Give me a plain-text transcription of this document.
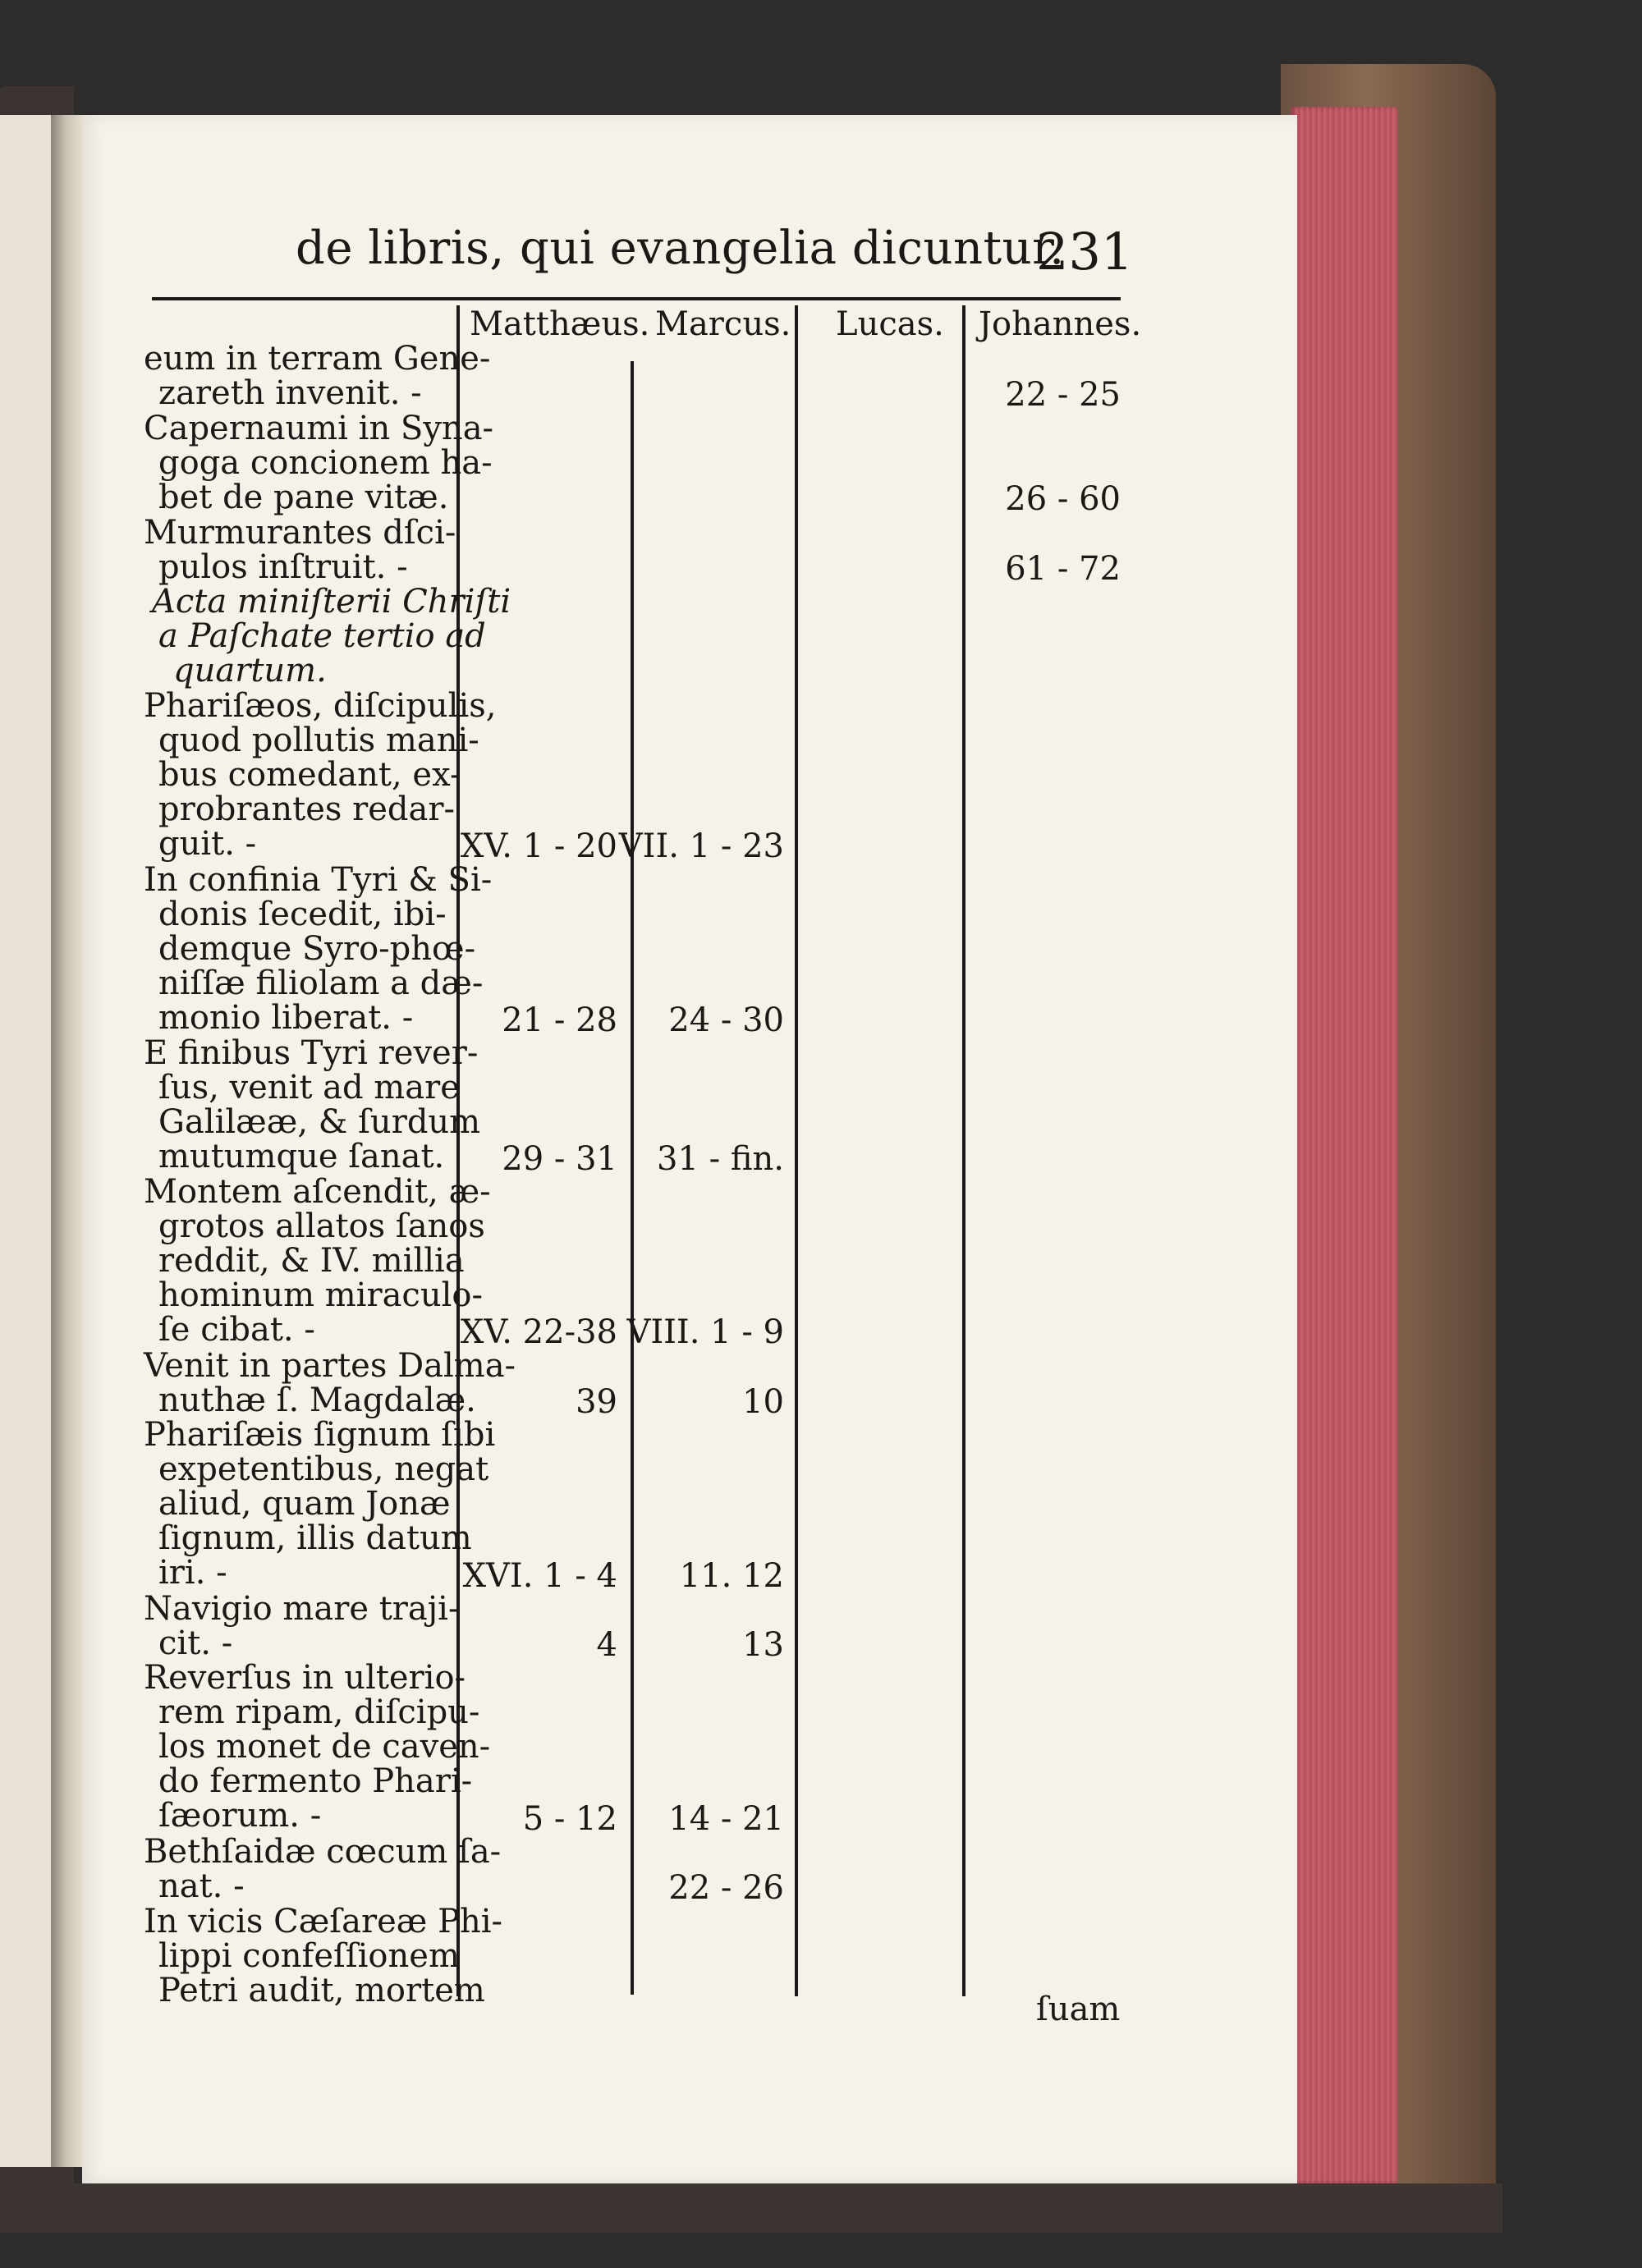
de libris, qui evangelia dicuntur.
231
Matthæus. Marcus. Lucas. Johannes.
eum in terram Gene-
zareth invenit. -
Capernaumi in Syna-
goga concionem ha-
bet de pane vitæ.
Murmurantes dſci-
pulos inſtruit. -
Acta miniſterii Chriſti
a Paſchate tertio ad
quartum.
Phariſæos, diſcipulis,
quod pollutis mani-
bus comedant, ex-
probrantes redar-
guit. -
In confinia Tyri & Si-
donis ſecedit, ibi-
demque Syro-phœ-
niſſæ filiolam a dæ-
monio liberat. -
E finibus Tyri rever-
ſus, venit ad mare
Galilææ, & ſurdum
mutumque ſanat.
Montem aſcendit, æ-
grotos allatos ſanos
reddit, & IV. millia
hominum miraculo-
ſe cibat. -
Venit in partes Dalma-
nuthæ ſ. Magdalæ.
Phariſæis ſignum ſibi
expetentibus, negat
aliud, quam Jonæ
ſignum, illis datum
iri. -
Navigio mare traji-
cit. -
Reverſus in ulterio-
rem ripam, diſcipu-
los monet de caven-
do fermento Phari-
ſæorum. -
Bethſaidæ cœcum ſa-
nat. -
In vicis Cæſareæ Phi-
lippi confeſſionem
Petri audit, mortem
22 - 25
26 - 60
61 - 72
XV. 1 - 20 VII. 1 - 23
21 - 28 24 - 30
29 - 31 31 - fin.
XV. 22-38 VIII. 1 - 9
39	10
XVI. 1 - 4 11. 12
4	13
5 - 12 14 - 21
22 - 26
ſuam
